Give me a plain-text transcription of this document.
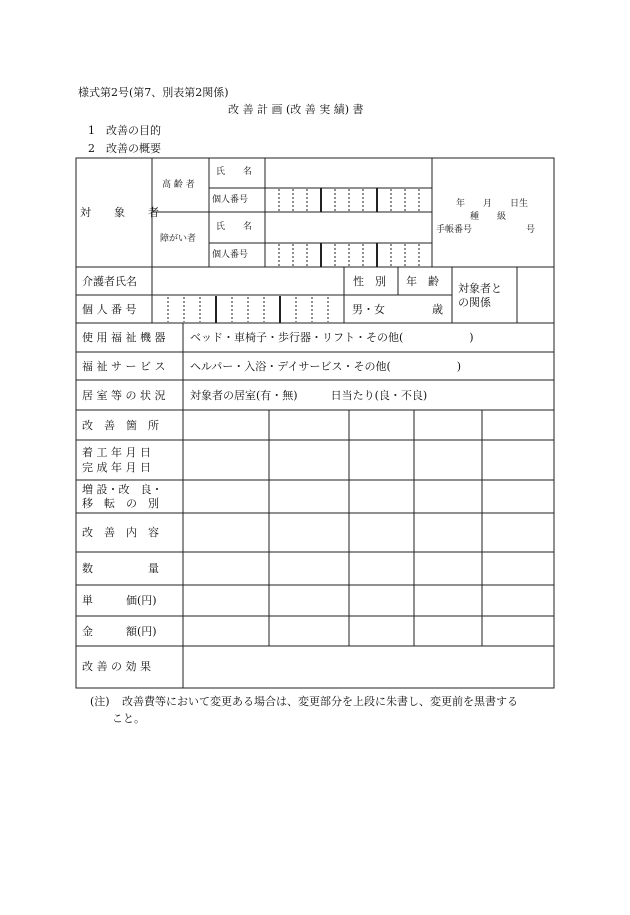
様式第2号(第7、別表第2関係)
改 善 計 画 (改 善 実 績) 書
1　改善の目的
2　改善の概要
対　象　者
高 齢 者
障がい者
氏　　名
個人番号
氏　　名
個人番号
年　　月　　日生
種　　級
手帳番号　　　　　　号
介護者氏名
個 人 番 号
性　別 年　齢
男・女	歳
対象者と
の関係
使 用 福 祉 機 器 ベッド・車椅子・歩行器・リフト・その他(　　　　　　)
福 祉 サ ー ビ ス ヘルパー・入浴・デイサービス・その他(　　　　　　)
居 室 等 の 状 況 対象者の居室(有・無)　　　日当たり(良・不良)
改　善　箇　所
着 工 年 月 日
完 成 年 月 日
増 設・改　良・
移　転　の　別
改　善　内　容
数　　　　　量
単　　　価(円)
金　　　額(円)
改 善 の 効 果
(注) 改善費等において変更ある場合は、変更部分を上段に朱書し、変更前を黒書する
こと。
